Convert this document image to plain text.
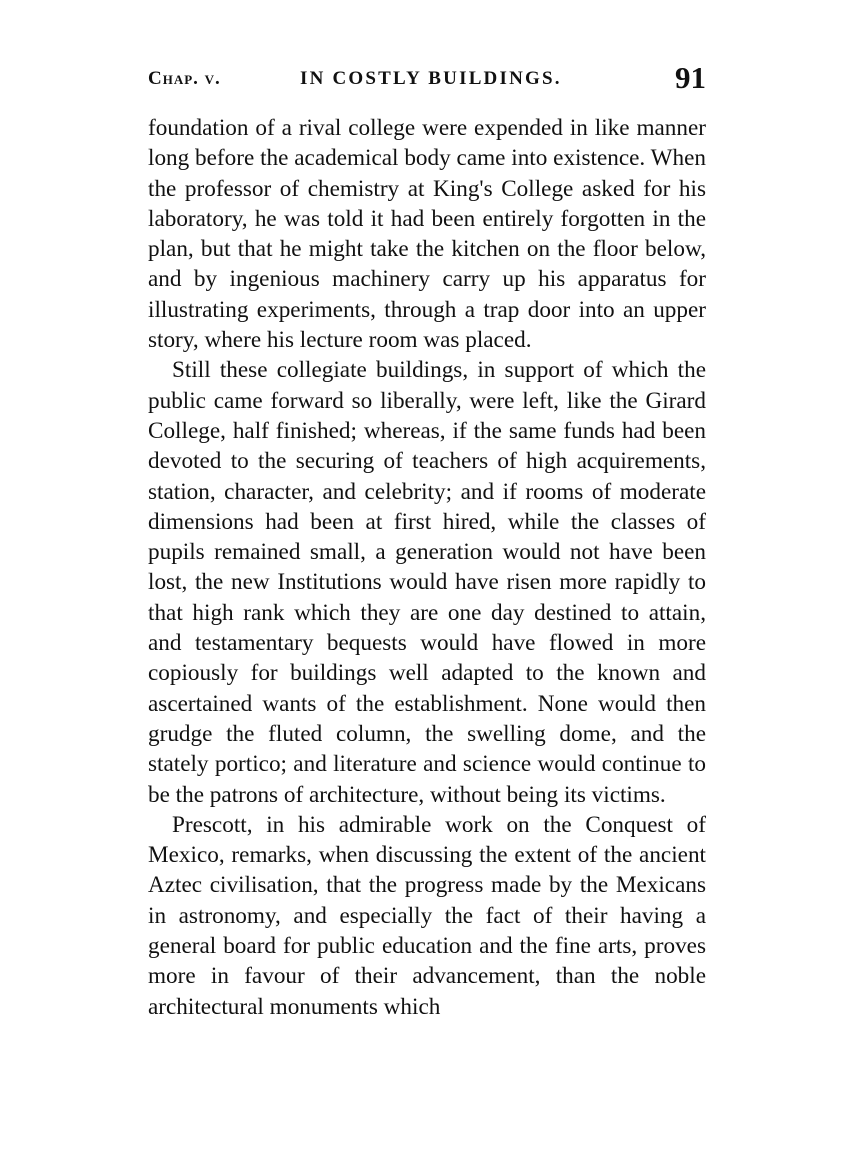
Chap. v.	IN COSTLY BUILDINGS.	91

foundation of a rival college were expended in like manner long before the academical body came into existence. When the professor of chemistry at King's College asked for his laboratory, he was told it had been entirely forgotten in the plan, but that he might take the kitchen on the floor below, and by ingenious machinery carry up his apparatus for illustrating experiments, through a trap door into an upper story, where his lecture room was placed.

Still these collegiate buildings, in support of which the public came forward so liberally, were left, like the Girard College, half finished; whereas, if the same funds had been devoted to the securing of teachers of high acquirements, station, character, and celebrity; and if rooms of moderate dimensions had been at first hired, while the classes of pupils remained small, a generation would not have been lost, the new Institutions would have risen more rapidly to that high rank which they are one day destined to attain, and testamentary bequests would have flowed in more copiously for buildings well adapted to the known and ascertained wants of the establishment. None would then grudge the fluted column, the swelling dome, and the stately portico; and literature and science would continue to be the patrons of architecture, without being its victims.

Prescott, in his admirable work on the Conquest of Mexico, remarks, when discussing the extent of the ancient Aztec civilisation, that the progress made by the Mexicans in astronomy, and especially the fact of their having a general board for public education and the fine arts, proves more in favour of their advancement, than the noble architectural monuments which
